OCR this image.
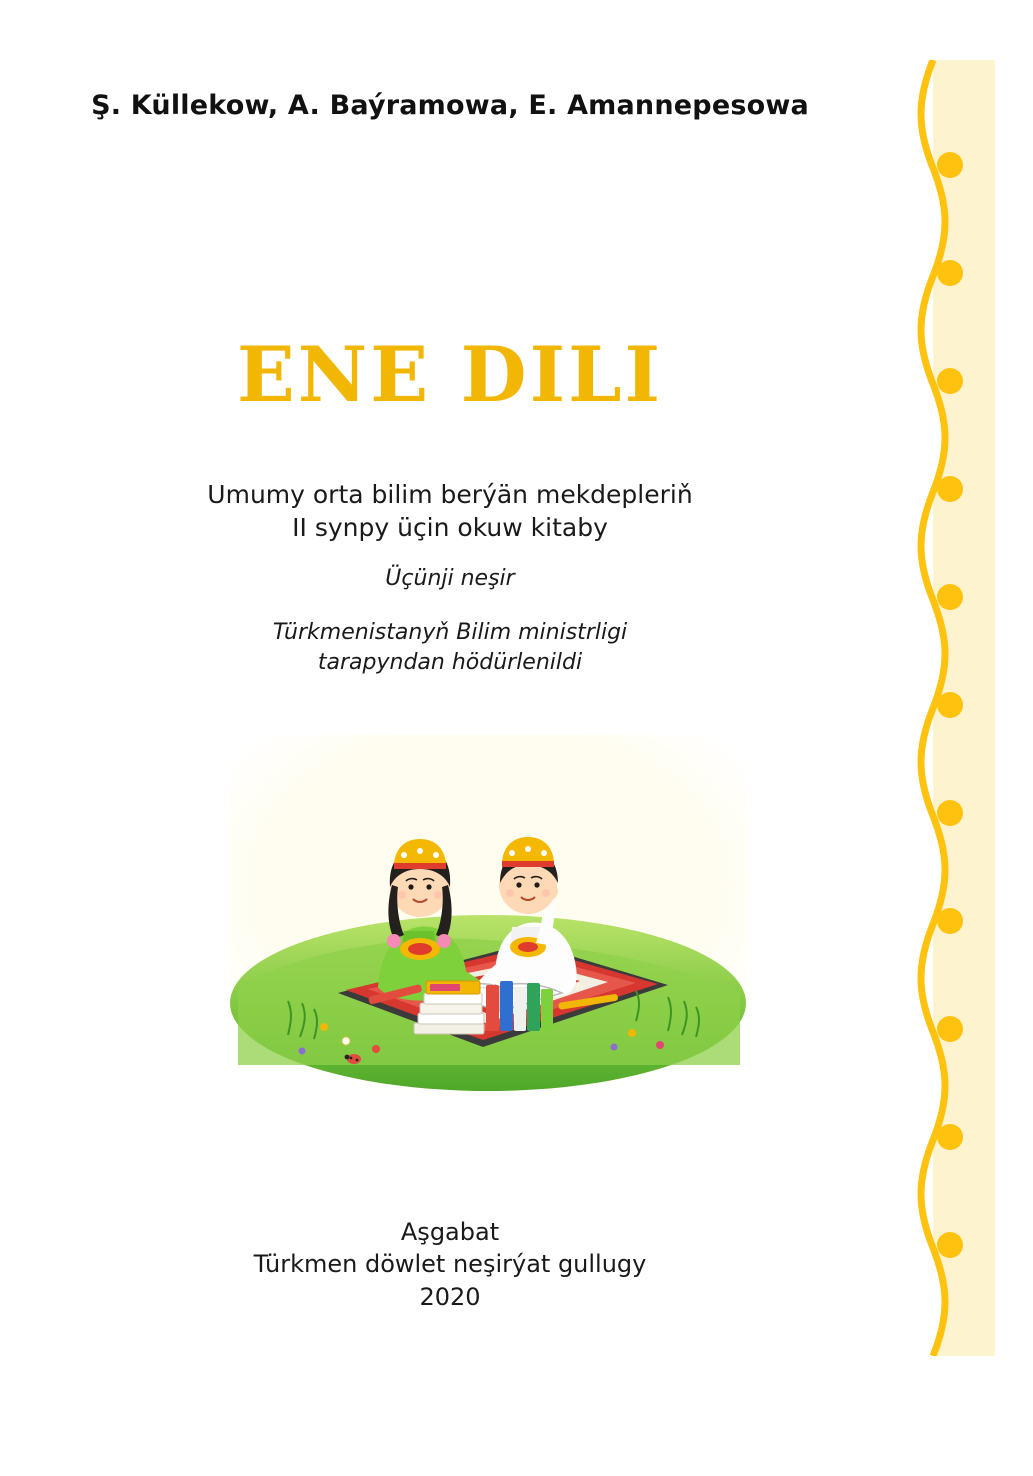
Ş. Küllekow, A. Baýramowa, E. Amannepesowa
ENE DILI
Umumy orta bilim berýän mekdepleriň
II synpy üçin okuw kitaby
Üçünji neşir
Türkmenistanyň Bilim ministrligi
tarapyndan hödürlenildi
Aşgabat
Türkmen döwlet neşirýat gullugy
2020
